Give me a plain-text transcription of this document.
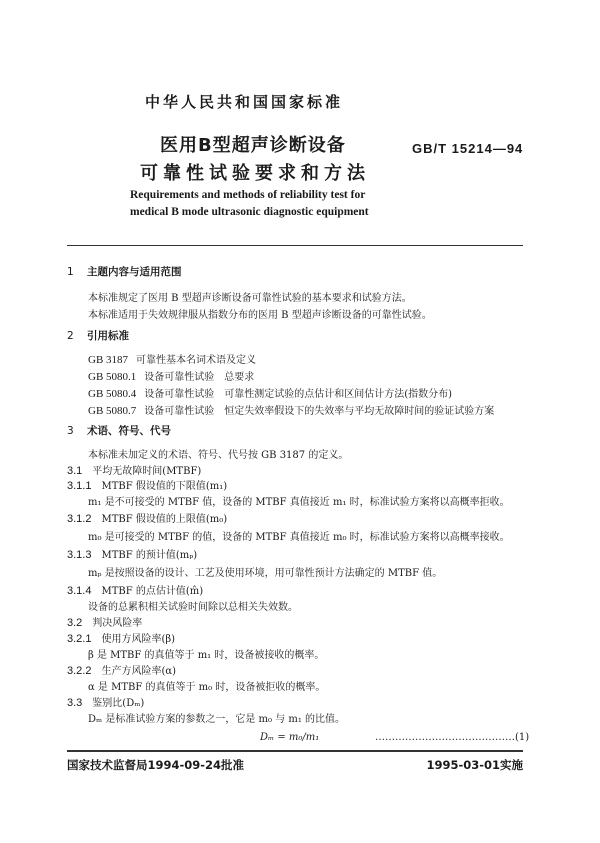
中华人民共和国国家标准
医用B型超声诊断设备
可靠性试验要求和方法
GB/T 15214—94
Requirements and methods of reliability test for
medical B mode ultrasonic diagnostic equipment
1 主题内容与适用范围
本标准规定了医用 B 型超声诊断设备可靠性试验的基本要求和试验方法。
本标准适用于失效规律服从指数分布的医用 B 型超声诊断设备的可靠性试验。
2 引用标准
GB 3187 可靠性基本名词术语及定义
GB 5080.1 设备可靠性试验　总要求
GB 5080.4 设备可靠性试验　可靠性测定试验的点估计和区间估计方法(指数分布)
GB 5080.7 设备可靠性试验　恒定失效率假设下的失效率与平均无故障时间的验证试验方案
3 术语、符号、代号
本标准未加定义的术语、符号、代号按 GB 3187 的定义。
3.1 平均无故障时间(MTBF)
3.1.1 MTBF 假设值的下限值(m₁)
m₁ 是不可接受的 MTBF 值，设备的 MTBF 真值接近 m₁ 时，标准试验方案将以高概率拒收。
3.1.2 MTBF 假设值的上限值(m₀)
m₀ 是可接受的 MTBF 的值，设备的 MTBF 真值接近 m₀ 时，标准试验方案将以高概率接收。
3.1.3 MTBF 的预计值(mₚ)
mₚ 是按照设备的设计、工艺及使用环境，用可靠性预计方法确定的 MTBF 值。
3.1.4 MTBF 的点估计值(m̂)
设备的总累积相关试验时间除以总相关失效数。
3.2 判决风险率
3.2.1 使用方风险率(β)
β 是 MTBF 的真值等于 m₁ 时，设备被接收的概率。
3.2.2 生产方风险率(α)
α 是 MTBF 的真值等于 m₀ 时，设备被拒收的概率。
3.3 鉴别比(Dₘ)
Dₘ 是标准试验方案的参数之一，它是 m₀ 与 m₁ 的比值。
Dₘ = m₀/m₁	……………………………………(1)
国家技术监督局1994-09-24批准	1995-03-01实施
